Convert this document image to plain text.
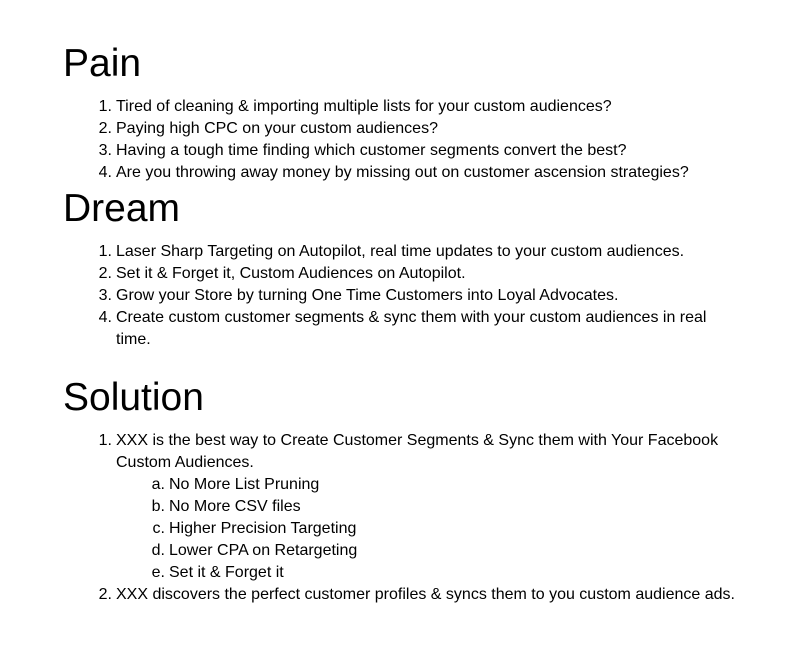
Pain
1. Tired of cleaning & importing multiple lists for your custom audiences?
2. Paying high CPC on your custom audiences?
3. Having a tough time finding which customer segments convert the best?
4. Are you throwing away money by missing out on customer ascension strategies?
Dream
1. Laser Sharp Targeting on Autopilot, real time updates to your custom audiences.
2. Set it & Forget it, Custom Audiences on Autopilot.
3. Grow your Store by turning One Time Customers into Loyal Advocates.
4. Create custom customer segments & sync them with your custom audiences in real
time.
Solution
1. XXX is the best way to Create Customer Segments & Sync them with Your Facebook
Custom Audiences.
a. No More List Pruning
b. No More CSV files
c. Higher Precision Targeting
d. Lower CPA on Retargeting
e. Set it & Forget it
2. XXX discovers the perfect customer profiles & syncs them to you custom audience ads.
